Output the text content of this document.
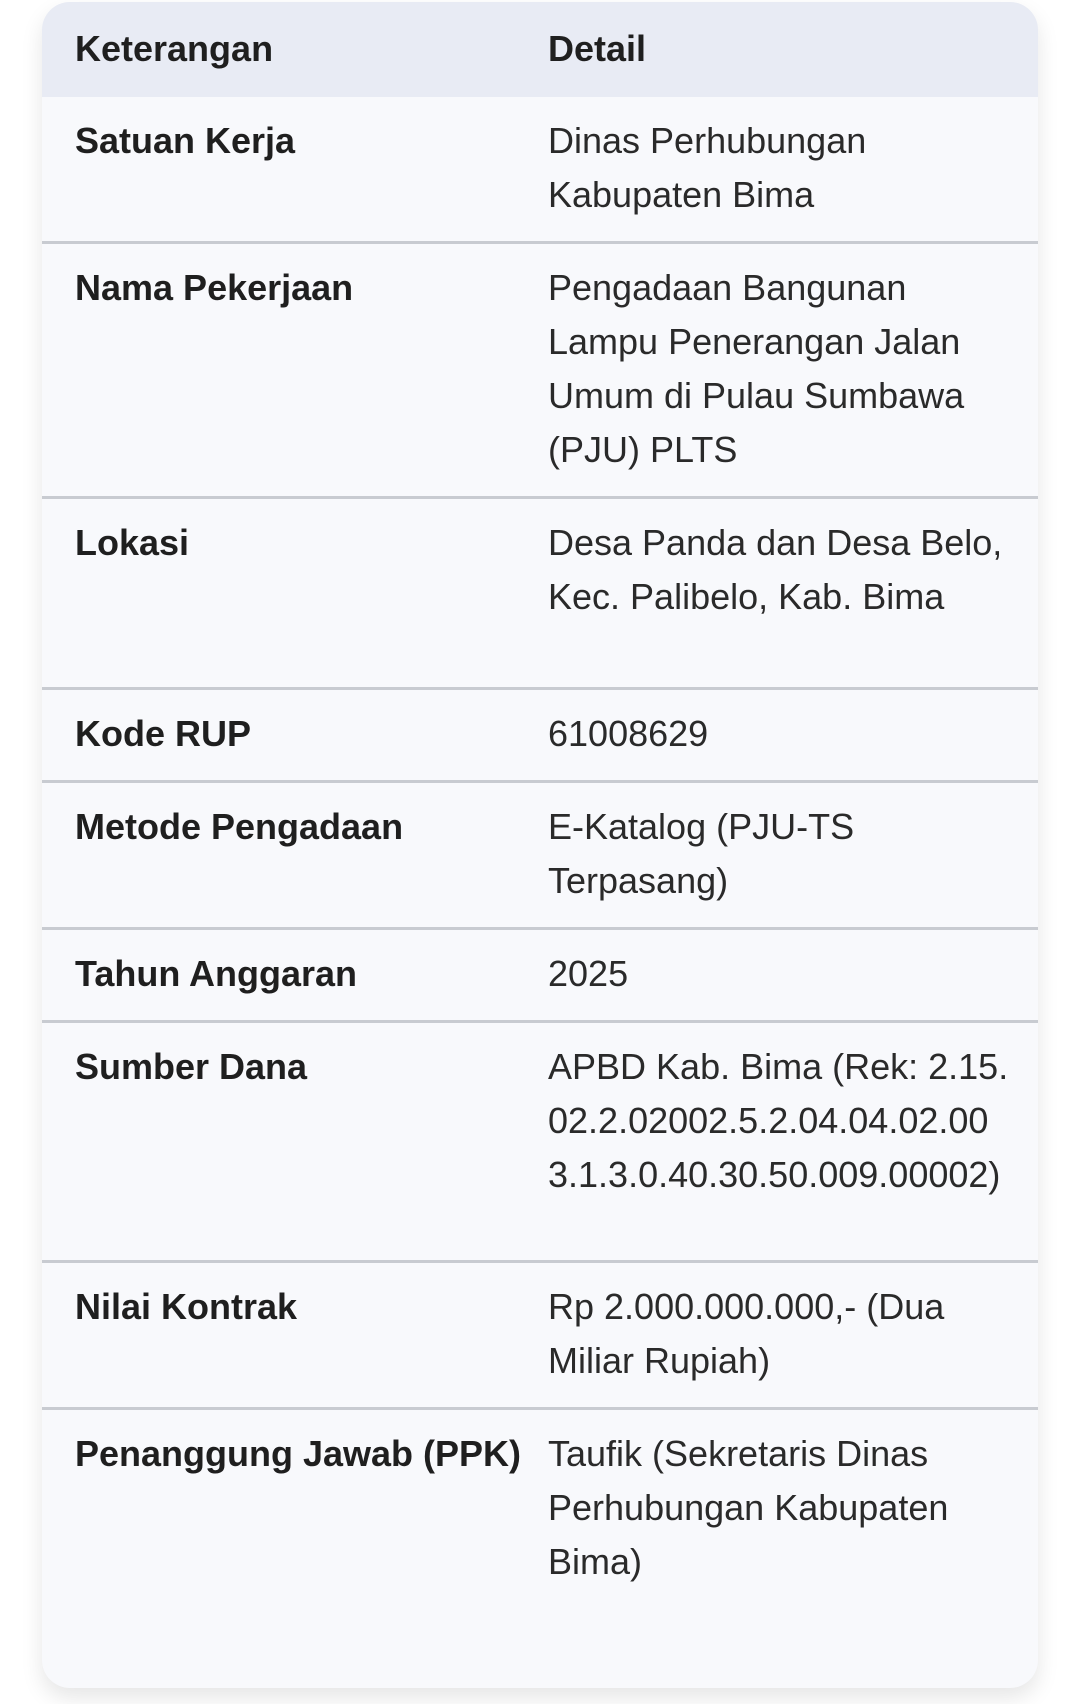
Keterangan	Detail
Satuan Kerja	Dinas Perhubungan Kabupaten Bima
Nama Pekerjaan	Pengadaan Bangunan Lampu Penerangan Jalan Umum di Pulau Sumbawa (PJU) PLTS
Lokasi	Desa Panda dan Desa Belo, Kec. Palibelo, Kab. Bima
Kode RUP	61008629
Metode Pengadaan	E-Katalog (PJU-TS Terpasang)
Tahun Anggaran	2025
Sumber Dana	APBD Kab. Bima (Rek: 2.15.02.2.02002.5.2.04.04.02.003.1.3.0.40.30.50.009.00002)
Nilai Kontrak	Rp 2.000.000.000,- (Dua Miliar Rupiah)
Penanggung Jawab (PPK)	Taufik (Sekretaris Dinas Perhubungan Kabupaten Bima)
